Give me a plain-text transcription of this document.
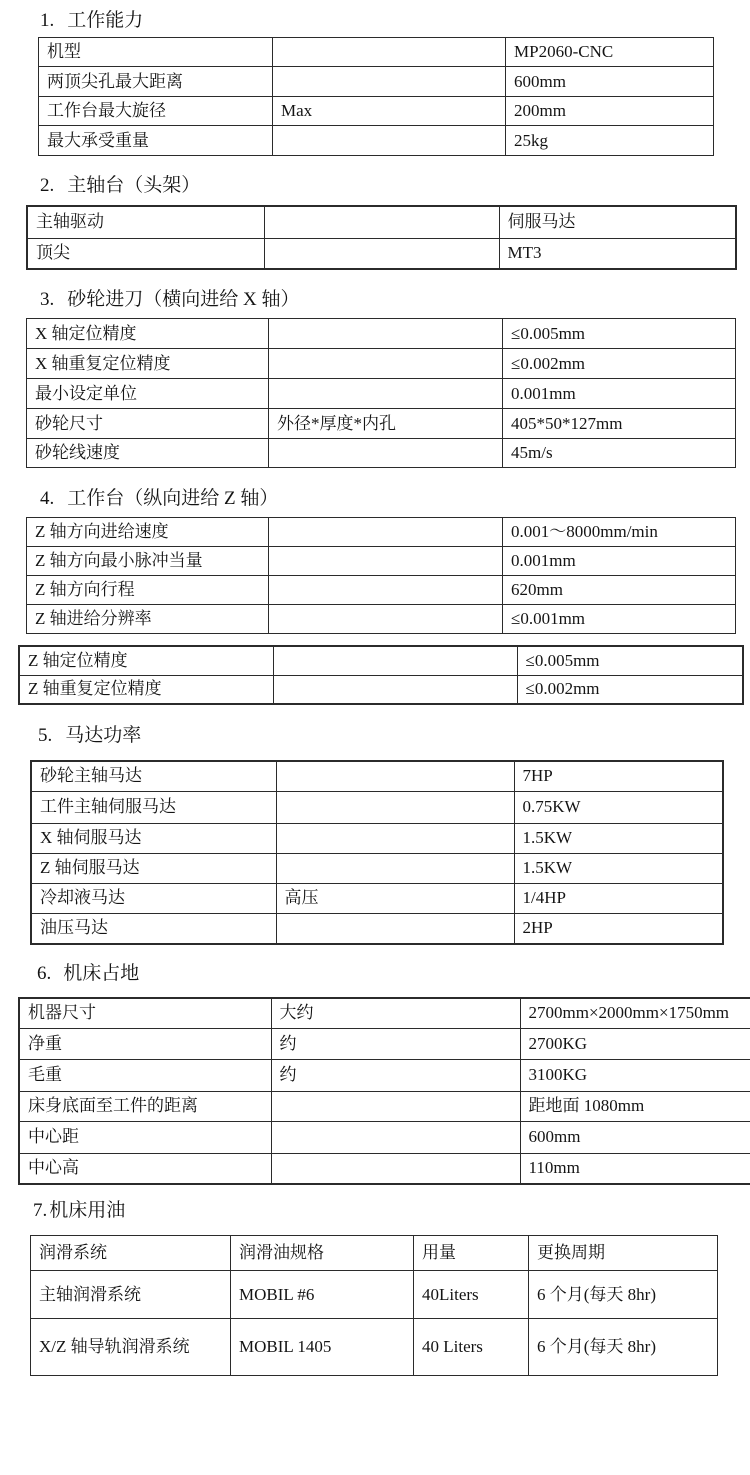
1. 工作能力
机型		MP2060-CNC
两顶尖孔最大距离		600mm
工作台最大旋径	Max	200mm
最大承受重量		25kg
2. 主轴台（头架）
主轴驱动		伺服马达
顶尖		MT3
3. 砂轮进刀（横向进给 X 轴）
X 轴定位精度		≤0.005mm
X 轴重复定位精度		≤0.002mm
最小设定单位		0.001mm
砂轮尺寸	外径*厚度*内孔	405*50*127mm
砂轮线速度		45m/s
4. 工作台（纵向进给 Z 轴）
Z 轴方向进给速度		0.001～8000mm/min
Z 轴方向最小脉冲当量		0.001mm
Z 轴方向行程		620mm
Z 轴进给分辨率		≤0.001mm
Z 轴定位精度		≤0.005mm
Z 轴重复定位精度		≤0.002mm
5. 马达功率
砂轮主轴马达		7HP
工件主轴伺服马达		0.75KW
X 轴伺服马达		1.5KW
Z 轴伺服马达		1.5KW
冷却液马达	高压	1/4HP
油压马达		2HP
6. 机床占地
机器尺寸	大约	2700mm×2000mm×1750mm
净重	约	2700KG
毛重	约	3100KG
床身底面至工件的距离		距地面 1080mm
中心距		600mm
中心高		110mm
7. 机床用油
润滑系统	润滑油规格	用量	更换周期
主轴润滑系统	MOBIL #6	40Liters	6 个月(每天 8hr)
X/Z 轴导轨润滑系统	MOBIL 1405	40 Liters	6 个月(每天 8hr)
